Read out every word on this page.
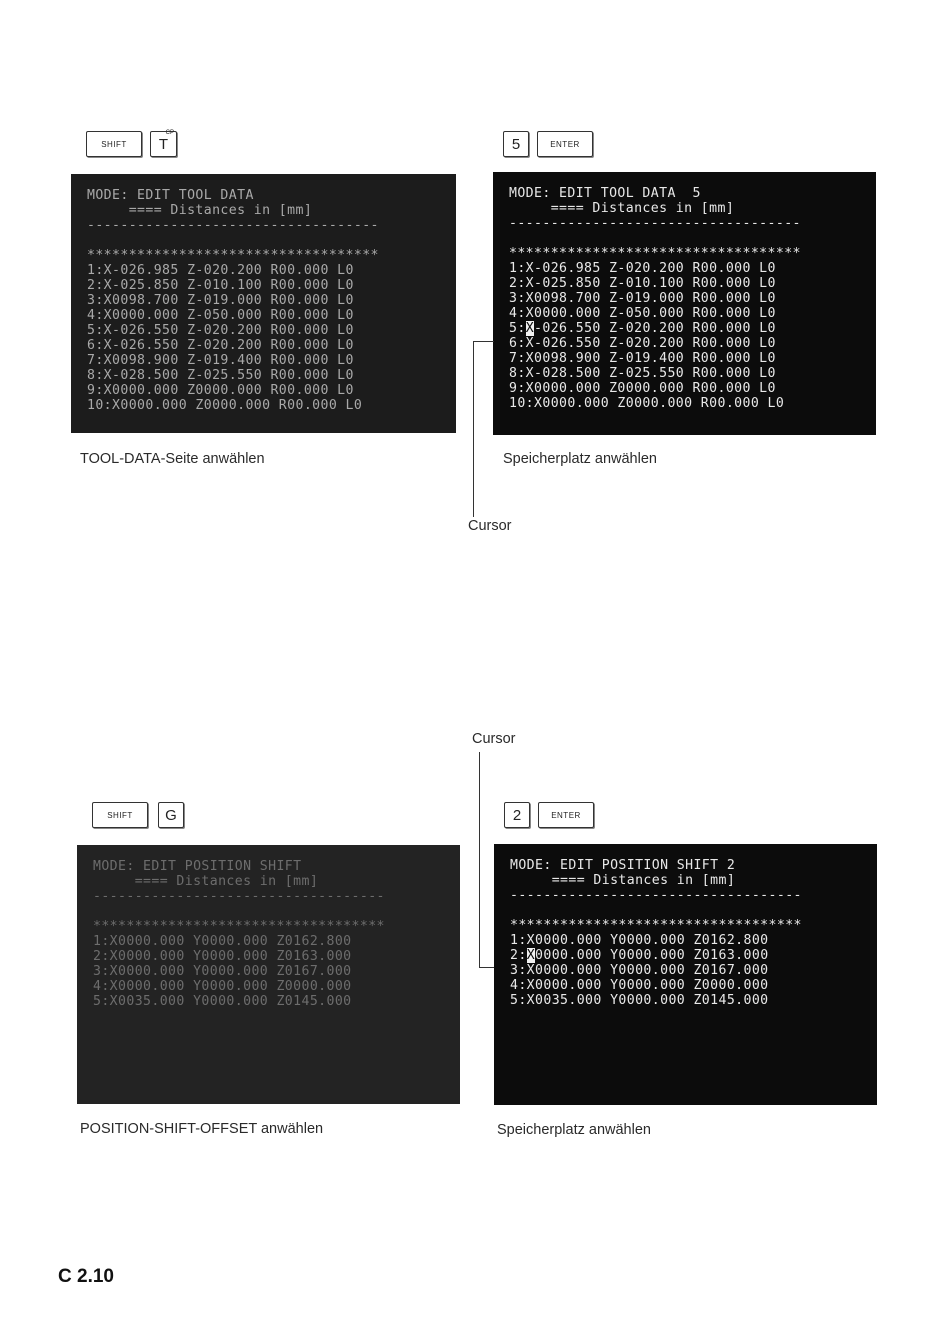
SHIFT
CP
T	5	ENTER
MODE: EDIT TOOL DATA
==== Distances in [mm]
-----------------------------------
***********************************
1:X-026.985 Z-020.200 R00.000 L0
2:X-025.850 Z-010.100 R00.000 L0
3:X0098.700 Z-019.000 R00.000 L0
4:X0000.000 Z-050.000 R00.000 L0
5:X-026.550 Z-020.200 R00.000 L0
6:X-026.550 Z-020.200 R00.000 L0
7:X0098.900 Z-019.400 R00.000 L0
8:X-028.500 Z-025.550 R00.000 L0
9:X0000.000 Z0000.000 R00.000 L0
10:X0000.000 Z0000.000 R00.000 L0
MODE: EDIT TOOL DATA  5
==== Distances in [mm]
-----------------------------------
***********************************
1:X-026.985 Z-020.200 R00.000 L0
2:X-025.850 Z-010.100 R00.000 L0
3:X0098.700 Z-019.000 R00.000 L0
4:X0000.000 Z-050.000 R00.000 L0
5:X-026.550 Z-020.200 R00.000 L0
6:X-026.550 Z-020.200 R00.000 L0
7:X0098.900 Z-019.400 R00.000 L0
8:X-028.500 Z-025.550 R00.000 L0
9:X0000.000 Z0000.000 R00.000 L0
10:X0000.000 Z0000.000 R00.000 L0
TOOL-DATA-Seite anwählen	Speicherplatz anwählen
Cursor
Cursor
SHIFT	G	2	ENTER
MODE: EDIT POSITION SHIFT
==== Distances in [mm]
-----------------------------------
***********************************
1:X0000.000 Y0000.000 Z0162.800
2:X0000.000 Y0000.000 Z0163.000
3:X0000.000 Y0000.000 Z0167.000
4:X0000.000 Y0000.000 Z0000.000
5:X0035.000 Y0000.000 Z0145.000
MODE: EDIT POSITION SHIFT 2
==== Distances in [mm]
-----------------------------------
***********************************
1:X0000.000 Y0000.000 Z0162.800
2:X0000.000 Y0000.000 Z0163.000
3:X0000.000 Y0000.000 Z0167.000
4:X0000.000 Y0000.000 Z0000.000
5:X0035.000 Y0000.000 Z0145.000
POSITION-SHIFT-OFFSET anwählen	Speicherplatz anwählen
C 2.10
